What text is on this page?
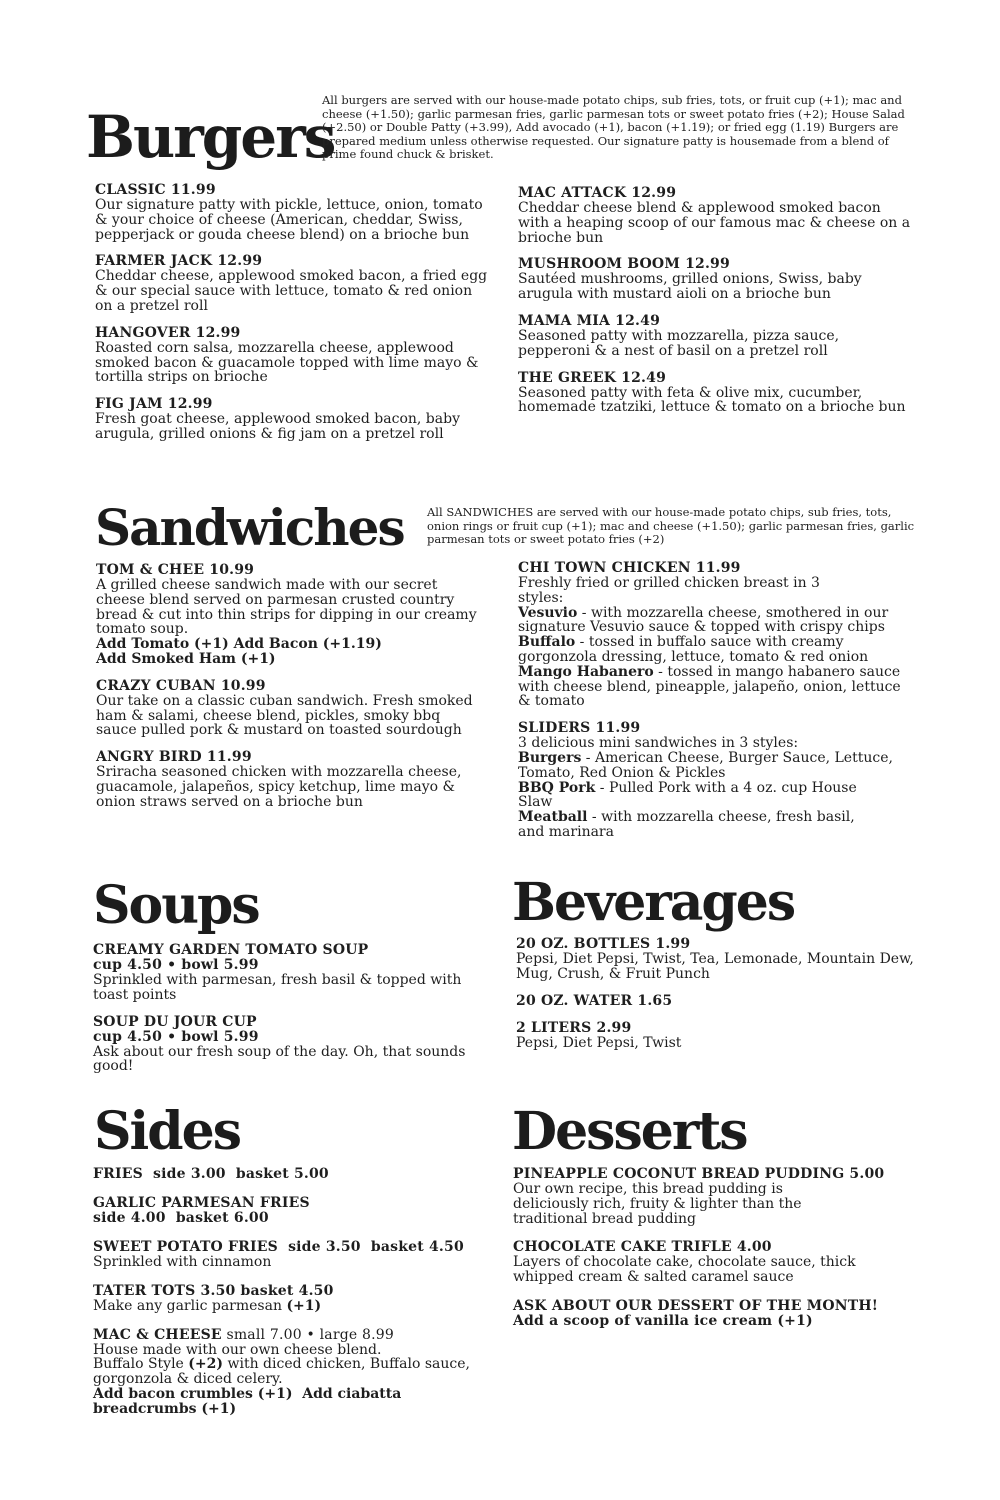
Burgers
All burgers are served with our house-made potato chips, sub fries, tots, or fruit cup (+1); mac and cheese (+1.50); garlic parmesan fries, garlic parmesan tots or sweet potato fries (+2); House Salad (+2.50) or Double Patty (+3.99), Add avocado (+1), bacon (+1.19); or fried egg (1.19) Burgers are prepared medium unless otherwise requested. Our signature patty is housemade from a blend of prime found chuck & brisket.
CLASSIC 11.99
Our signature patty with pickle, lettuce, onion, tomato & your choice of cheese (American, cheddar, Swiss, pepperjack or gouda cheese blend) on a brioche bun
FARMER JACK 12.99
Cheddar cheese, applewood smoked bacon, a fried egg & our special sauce with lettuce, tomato & red onion on a pretzel roll
HANGOVER 12.99
Roasted corn salsa, mozzarella cheese, applewood smoked bacon & guacamole topped with lime mayo & tortilla strips on brioche
FIG JAM 12.99
Fresh goat cheese, applewood smoked bacon, baby arugula, grilled onions & fig jam on a pretzel roll
MAC ATTACK 12.99
Cheddar cheese blend & applewood smoked bacon with a heaping scoop of our famous mac & cheese on a brioche bun
MUSHROOM BOOM 12.99
Sautéed mushrooms, grilled onions, Swiss, baby arugula with mustard aioli on a brioche bun
MAMA MIA 12.49
Seasoned patty with mozzarella, pizza sauce, pepperoni & a nest of basil on a pretzel roll
THE GREEK 12.49
Seasoned patty with feta & olive mix, cucumber, homemade tzatziki, lettuce & tomato on a brioche bun
Sandwiches All SANDWICHES are served with our house-made potato chips, sub fries, tots, onion rings or fruit cup (+1); mac and cheese (+1.50); garlic parmesan fries, garlic parmesan tots or sweet potato fries (+2)
TOM & CHEE 10.99
A grilled cheese sandwich made with our secret cheese blend served on parmesan crusted country bread & cut into thin strips for dipping in our creamy tomato soup.
Add Tomato (+1) Add Bacon (+1.19)
Add Smoked Ham (+1)
CRAZY CUBAN 10.99
Our take on a classic cuban sandwich. Fresh smoked ham & salami, cheese blend, pickles, smoky bbq sauce pulled pork & mustard on toasted sourdough
ANGRY BIRD 11.99
Sriracha seasoned chicken with mozzarella cheese, guacamole, jalapeños, spicy ketchup, lime mayo & onion straws served on a brioche bun
CHI TOWN CHICKEN 11.99
Freshly fried or grilled chicken breast in 3 styles:
Vesuvio - with mozzarella cheese, smothered in our signature Vesuvio sauce & topped with crispy chips
Buffalo - tossed in buffalo sauce with creamy gorgonzola dressing, lettuce, tomato & red onion
Mango Habanero - tossed in mango habanero sauce with cheese blend, pineapple, jalapeño, onion, lettuce & tomato
SLIDERS 11.99
3 delicious mini sandwiches in 3 styles:
Burgers - American Cheese, Burger Sauce, Lettuce, Tomato, Red Onion & Pickles
BBQ Pork - Pulled Pork with a 4 oz. cup House Slaw
Meatball - with mozzarella cheese, fresh basil, and marinara
Soups
CREAMY GARDEN TOMATO SOUP
cup 4.50 • bowl 5.99
Sprinkled with parmesan, fresh basil & topped with toast points
SOUP DU JOUR CUP
cup 4.50 • bowl 5.99
Ask about our fresh soup of the day. Oh, that sounds good!
Beverages
20 OZ. BOTTLES 1.99
Pepsi, Diet Pepsi, Twist, Tea, Lemonade, Mountain Dew, Mug, Crush, & Fruit Punch
20 OZ. WATER 1.65
2 LITERS 2.99
Pepsi, Diet Pepsi, Twist
Sides
FRIES  side 3.00  basket 5.00
GARLIC PARMESAN FRIES
side 4.00  basket 6.00
SWEET POTATO FRIES  side 3.50  basket 4.50
Sprinkled with cinnamon
TATER TOTS 3.50 basket 4.50
Make any garlic parmesan (+1)
MAC & CHEESE small 7.00 • large 8.99
House made with our own cheese blend.
Buffalo Style (+2) with diced chicken, Buffalo sauce, gorgonzola & diced celery.
Add bacon crumbles (+1)  Add ciabatta breadcrumbs (+1)
Desserts
PINEAPPLE COCONUT BREAD PUDDING 5.00
Our own recipe, this bread pudding is deliciously rich, fruity & lighter than the traditional bread pudding
CHOCOLATE CAKE TRIFLE 4.00
Layers of chocolate cake, chocolate sauce, thick whipped cream & salted caramel sauce
ASK ABOUT OUR DESSERT OF THE MONTH!
Add a scoop of vanilla ice cream (+1)
